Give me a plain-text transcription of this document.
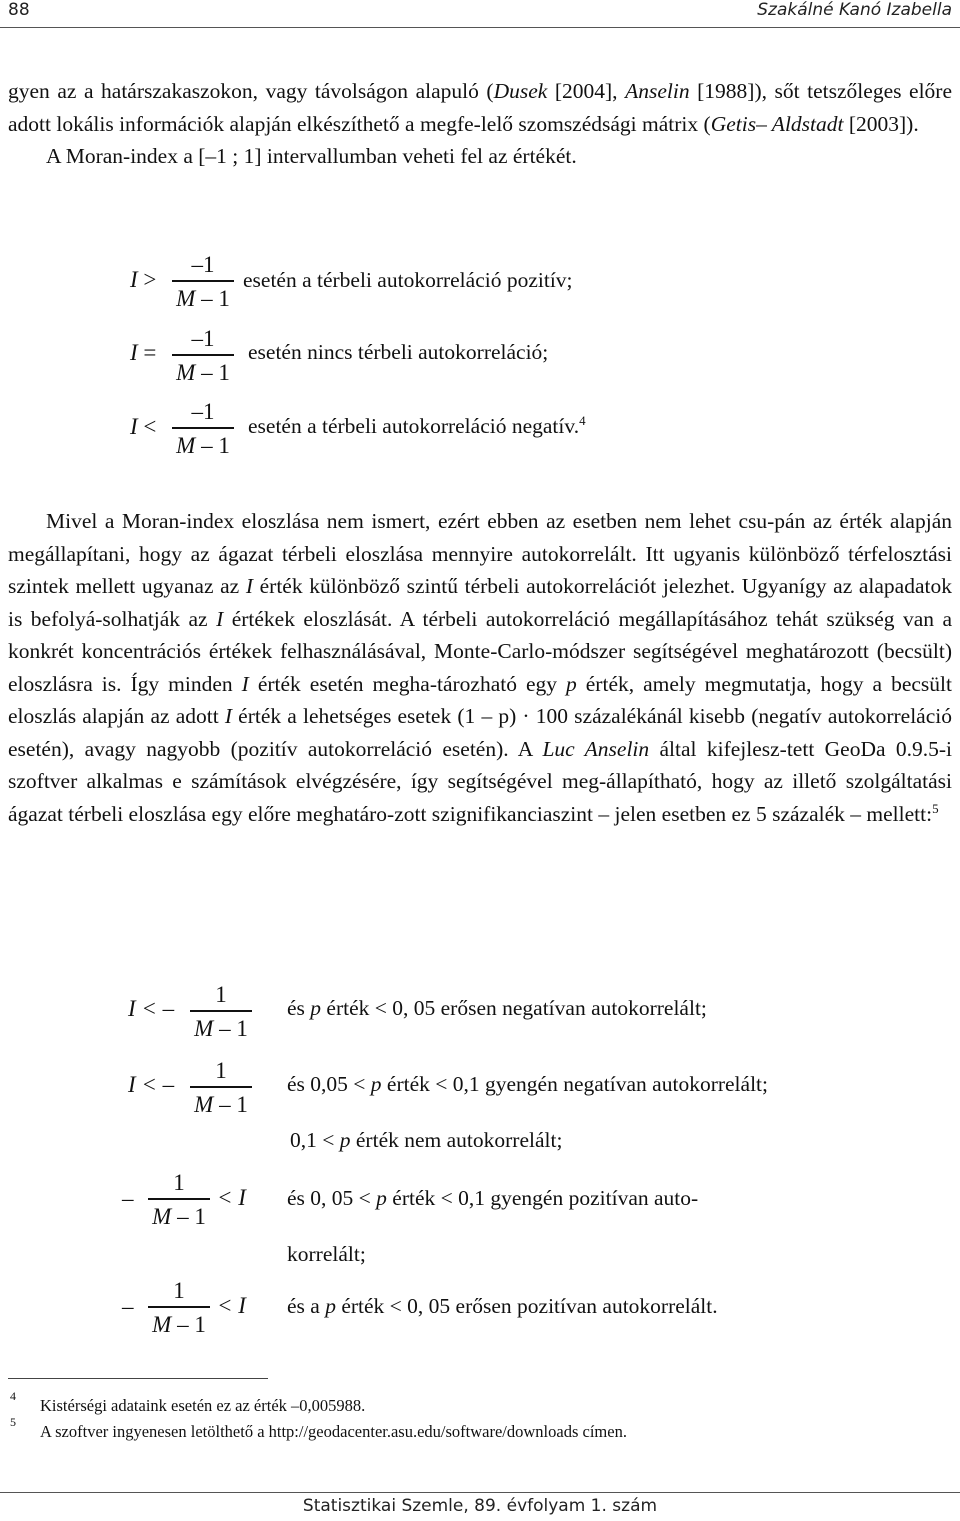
88	Szakálné Kanó Izabella

gyen az a határszakaszokon, vagy távolságon alapuló (Dusek [2004], Anselin [1988]), sőt tetszőleges előre adott lokális információk alapján elkészíthető a megfe-lelő szomszédsági mátrix (Getis– Aldstadt [2003]).
A Moran-index a [–1 ; 1] intervallumban veheti fel az értékét.

I >
–1
M – 1
esetén a térbeli autokorreláció pozitív;
I =
–1
M – 1
esetén nincs térbeli autokorreláció;
I <
–1
M – 1
esetén a térbeli autokorreláció negatív.$^4$

Mivel a Moran-index eloszlása nem ismert, ezért ebben az esetben nem lehet csu-pán az érték alapján megállapítani, hogy az ágazat térbeli eloszlása mennyire autokorrelált. Itt ugyanis különböző térfelosztási szintek mellett ugyanaz az I érték különböző szintű térbeli autokorrelációt jelezhet. Ugyanígy az alapadatok is befolyá-solhatják az I értékek eloszlását. A térbeli autokorreláció megállapításához tehát szükség van a konkrét koncentrációs értékek felhasználásával, Monte-Carlo-módszer segítségével meghatározott (becsült) eloszlásra is. Így minden I érték esetén megha-tározható egy p érték, amely megmutatja, hogy a becsült eloszlás alapján az adott I érték a lehetséges esetek (1 – p) · 100 százalékánál kisebb (negatív autokorreláció esetén), avagy nagyobb (pozitív autokorreláció esetén). A Luc Anselin által kifejlesz-tett GeoDa 0.9.5-i szoftver alkalmas e számítások elvégzésére, így segítségével meg-állapítható, hogy az illető szolgáltatási ágazat térbeli eloszlása egy előre meghatáro-zott szignifikanciaszint – jelen esetben ez 5 százalék – mellett:$^5$

I < –
1
M – 1
és p érték < 0, 05 erősen negatívan autokorrelált;
I < –
1
M – 1
és 0,05 < p érték < 0,1 gyengén negatívan autokorrelált;
0,1 < p érték nem autokorrelált;
–
1
M – 1
< I és 0, 05 < p érték < 0,1 gyengén pozitívan auto-
korrelált;
–
1
M – 1
< I és a p érték < 0, 05 erősen pozitívan autokorrelált.
4 Kistérségi adataink esetén ez az érték –0,005988.
5 A szoftver ingyenesen letölthető a http://geodacenter.asu.edu/software/downloads címen.
Statisztikai Szemle, 89. évfolyam 1. szám
